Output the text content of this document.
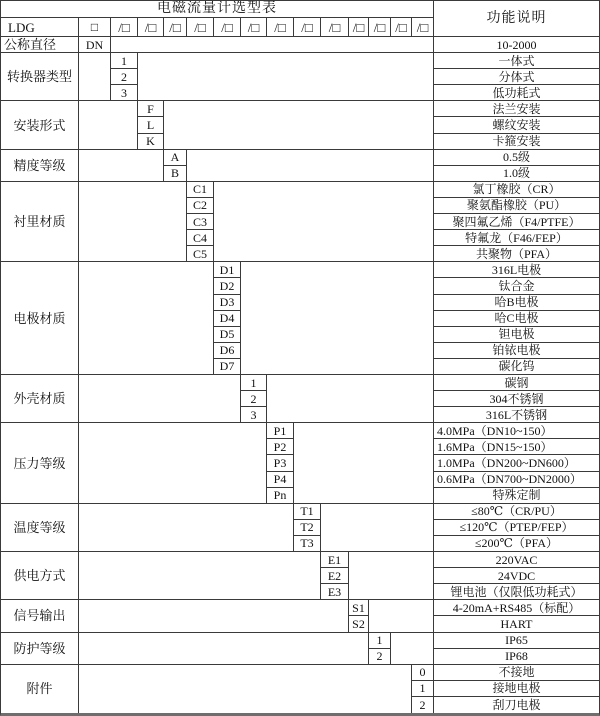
电磁流量计选型表
功能说明
LDG	□	/□	/□	/□	/□	/□	/□	/□	/□	/□ /□ /□ /□ /□
公称直径	DN	10-2000
转换器类型
1	一体式
2	分体式
3	低功耗式
安装形式
F	法兰安装
L	螺纹安装
K	卡箍安装
精度等级
A	0.5级
B	1.0级
衬里材质
C1	氯丁橡胶（CR）
C2	聚氨酯橡胶（PU）
C3	聚四氟乙烯（F4/PTFE）
C4	特氟龙（F46/FEP）
C5	共聚物（PFA）
电极材质
D1	316L电极
D2	钛合金
D3	哈B电极
D4	哈C电极
D5	钽电极
D6	铂铱电极
D7	碳化钨
外壳材质
1	碳钢
2	304不锈钢
3	316L不锈钢
压力等级
P1	4.0MPa（DN10~150）
P2	1.6MPa（DN15~150）
P3	1.0MPa（DN200~DN600）
P4	0.6MPa（DN700~DN2000）
Pn	特殊定制
温度等级
T1	≤80℃（CR/PU）
T2	≤120℃（PTEP/FEP）
T3	≤200℃（PFA）
供电方式
E1	220VAC
E2	24VDC
E3	锂电池（仅限低功耗式）
信号输出
S1	4-20mA+RS485（标配）
S2	HART
防护等级
1	IP65
2	IP68
附件
0	不接地
1	接地电极
2	刮刀电极
